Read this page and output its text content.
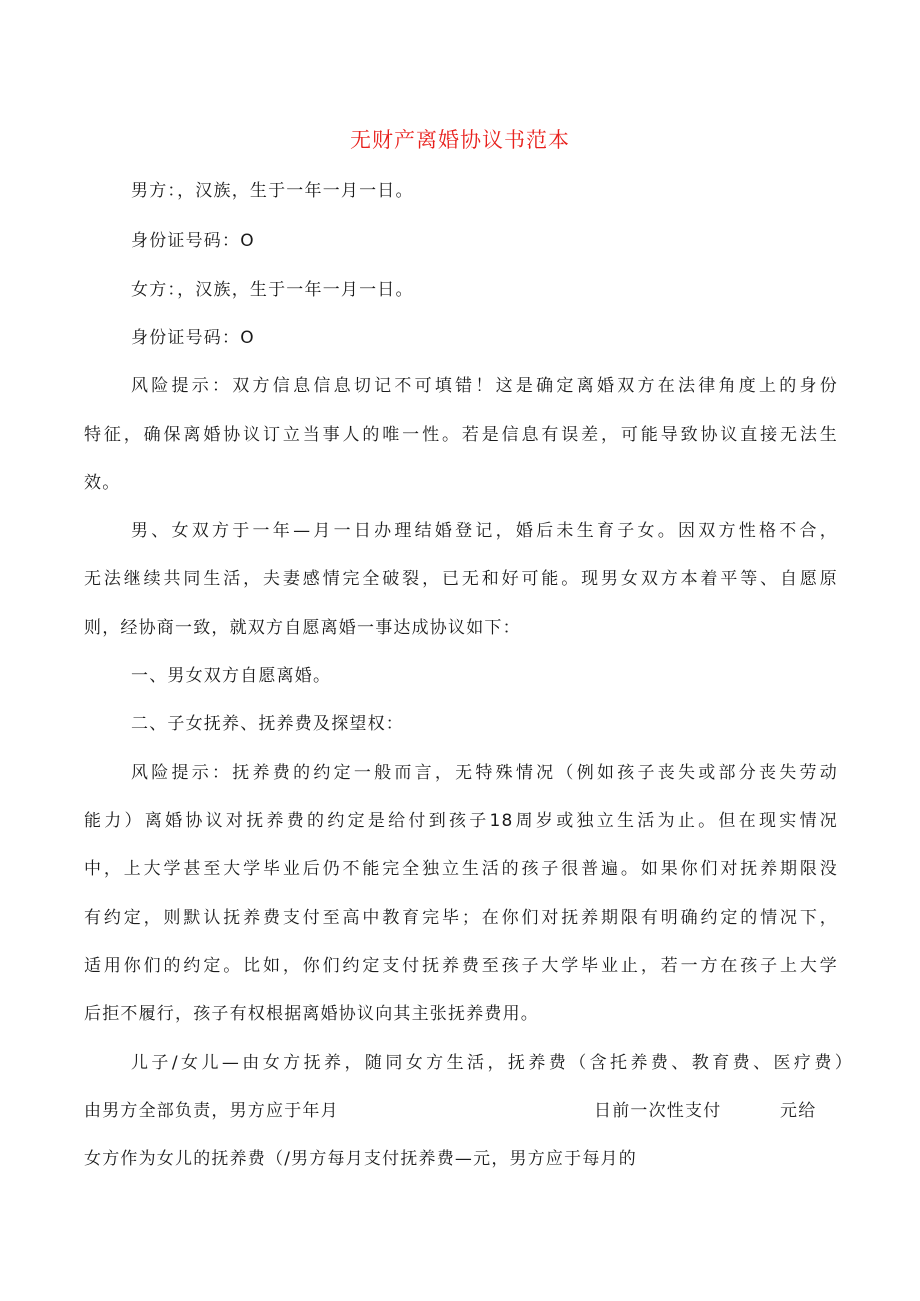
无财产离婚协议书范本
男方：，汉族，生于一年一月一日。
身份证号码：O
女方：，汉族，生于一年一月一日。
身份证号码：O
风险提示：双方信息信息切记不可填错！这是确定离婚双方在法律角度上的身份
特征，确保离婚协议订立当事人的唯一性。若是信息有误差，可能导致协议直接无法生
效。
男、女双方于一年—月一日办理结婚登记，婚后未生育子女。因双方性格不合，
无法继续共同生活，夫妻感情完全破裂，已无和好可能。现男女双方本着平等、自愿原
则，经协商一致，就双方自愿离婚一事达成协议如下：
一、男女双方自愿离婚。
二、子女抚养、抚养费及探望权：
风险提示：抚养费的约定一般而言，无特殊情况（例如孩子丧失或部分丧失劳动
能力）离婚协议对抚养费的约定是给付到孩子18周岁或独立生活为止。但在现实情况
中，上大学甚至大学毕业后仍不能完全独立生活的孩子很普遍。如果你们对抚养期限没
有约定，则默认抚养费支付至高中教育完毕；在你们对抚养期限有明确约定的情况下，
适用你们的约定。比如，你们约定支付抚养费至孩子大学毕业止，若一方在孩子上大学
后拒不履行，孩子有权根据离婚协议向其主张抚养费用。
儿子/女儿—由女方抚养，随同女方生活，抚养费（含托养费、教育费、医疗费）
由男方全部负责，男方应于年月	日前一次性支付	元给
女方作为女儿的抚养费（/男方每月支付抚养费—元，男方应于每月的
